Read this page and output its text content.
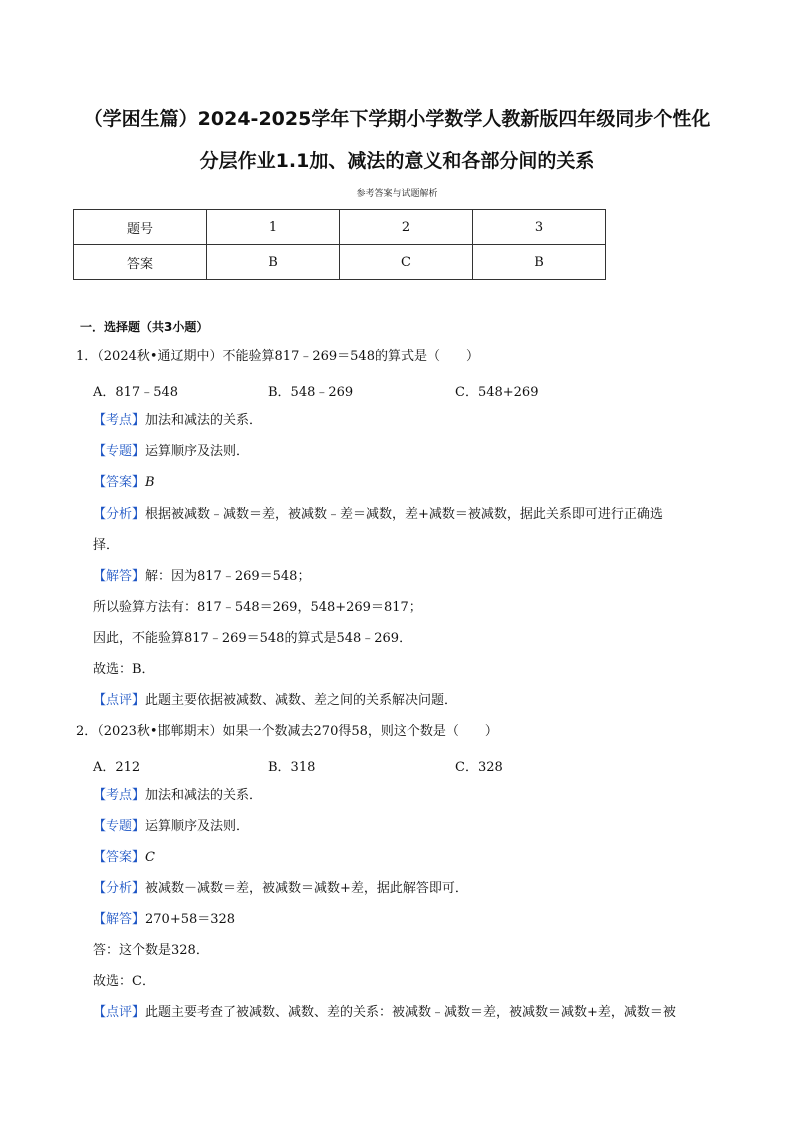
（学困生篇）2024-2025学年下学期小学数学人教新版四年级同步个性化
分层作业1.1加、减法的意义和各部分间的关系
参考答案与试题解析
题号	1	2	3
答案	B	C	B
一．选择题（共3小题）
1．（2024秋•通辽期中）不能验算817﹣269＝548的算式是（　　）
A．817﹣548	B．548﹣269	C．548+269
【考点】加法和减法的关系．
【专题】运算顺序及法则．
【答案】B
【分析】根据被减数﹣减数＝差，被减数﹣差＝减数，差+减数＝被减数，据此关系即可进行正确选
择．
【解答】解：因为817﹣269＝548；
所以验算方法有：817﹣548＝269，548+269＝817；
因此，不能验算817﹣269＝548的算式是548﹣269．
故选：B．
【点评】此题主要依据被减数、减数、差之间的关系解决问题．
2．（2023秋•邯郸期末）如果一个数减去270得58，则这个数是（　　）
A．212	B．318	C．328
【考点】加法和减法的关系．
【专题】运算顺序及法则．
【答案】C
【分析】被减数－减数＝差，被减数＝减数+差，据此解答即可．
【解答】270+58＝328
答：这个数是328．
故选：C．
【点评】此题主要考查了被减数、减数、差的关系：被减数﹣减数＝差，被减数＝减数+差，减数＝被
